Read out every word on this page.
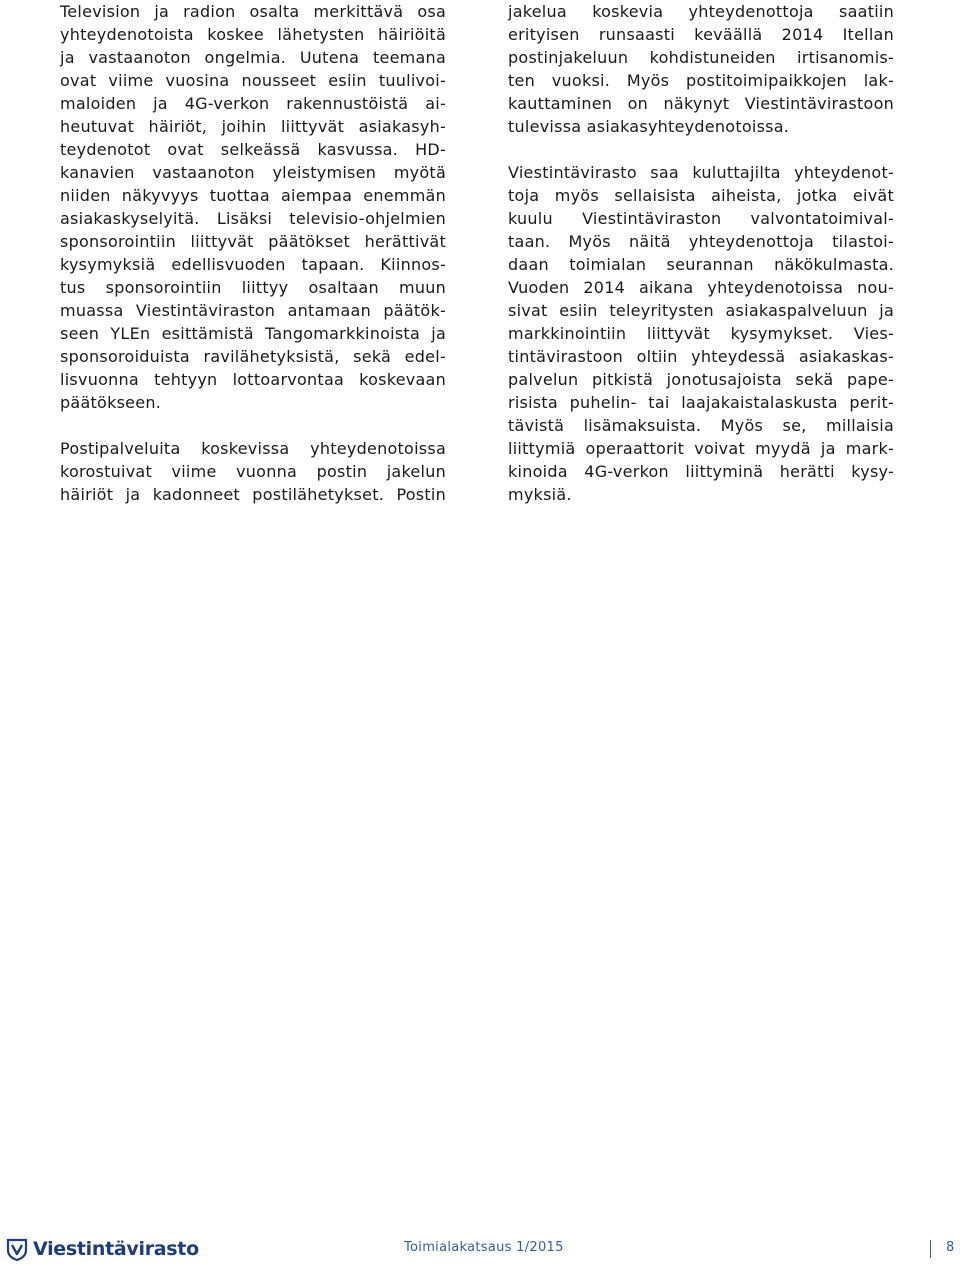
Television ja radion osalta merkittävä osa
yhteydenotoista koskee lähetysten häiriöitä
ja vastaanoton ongelmia. Uutena teemana
ovat viime vuosina nousseet esiin tuulivoi-
maloiden ja 4G-verkon rakennustöistä ai-
heutuvat häiriöt, joihin liittyvät asiakasyh-
teydenotot ovat selkeässä kasvussa. HD-
kanavien vastaanoton yleistymisen myötä
niiden näkyvyys tuottaa aiempaa enemmän
asiakaskyselyitä. Lisäksi televisio-ohjelmien
sponsorointiin liittyvät päätökset herättivät
kysymyksiä edellisvuoden tapaan. Kiinnos-
tus sponsorointiin liittyy osaltaan muun
muassa Viestintäviraston antamaan päätök-
seen YLEn esittämistä Tangomarkkinoista ja
sponsoroiduista ravilähetyksistä, sekä edel-
lisvuonna tehtyyn lottoarvontaa koskevaan
päätökseen.
Postipalveluita koskevissa yhteydenotoissa
korostuivat viime vuonna postin jakelun
häiriöt ja kadonneet postilähetykset. Postin
jakelua koskevia yhteydenottoja saatiin
erityisen runsaasti keväällä 2014 Itellan
postinjakeluun kohdistuneiden irtisanomis-
ten vuoksi. Myös postitoimipaikkojen lak-
kauttaminen on näkynyt Viestintävirastoon
tulevissa asiakasyhteydenotoissa.
Viestintävirasto saa kuluttajilta yhteydenot-
toja myös sellaisista aiheista, jotka eivät
kuulu Viestintäviraston valvontatoimival-
taan. Myös näitä yhteydenottoja tilastoi-
daan toimialan seurannan näkökulmasta.
Vuoden 2014 aikana yhteydenotoissa nou-
sivat esiin teleyritysten asiakaspalveluun ja
markkinointiin liittyvät kysymykset. Vies-
tintävirastoon oltiin yhteydessä asiakaskas-
palvelun pitkistä jonotusajoista sekä pape-
risista puhelin- tai laajakaistalaskusta perit-
tävistä lisämaksuista. Myös se, millaisia
liittymiä operaattorit voivat myydä ja mark-
kinoida 4G-verkon liittyminä herätti kysy-
myksiä.
Viestintävirasto	Toimialakatsaus 1/2015	8
